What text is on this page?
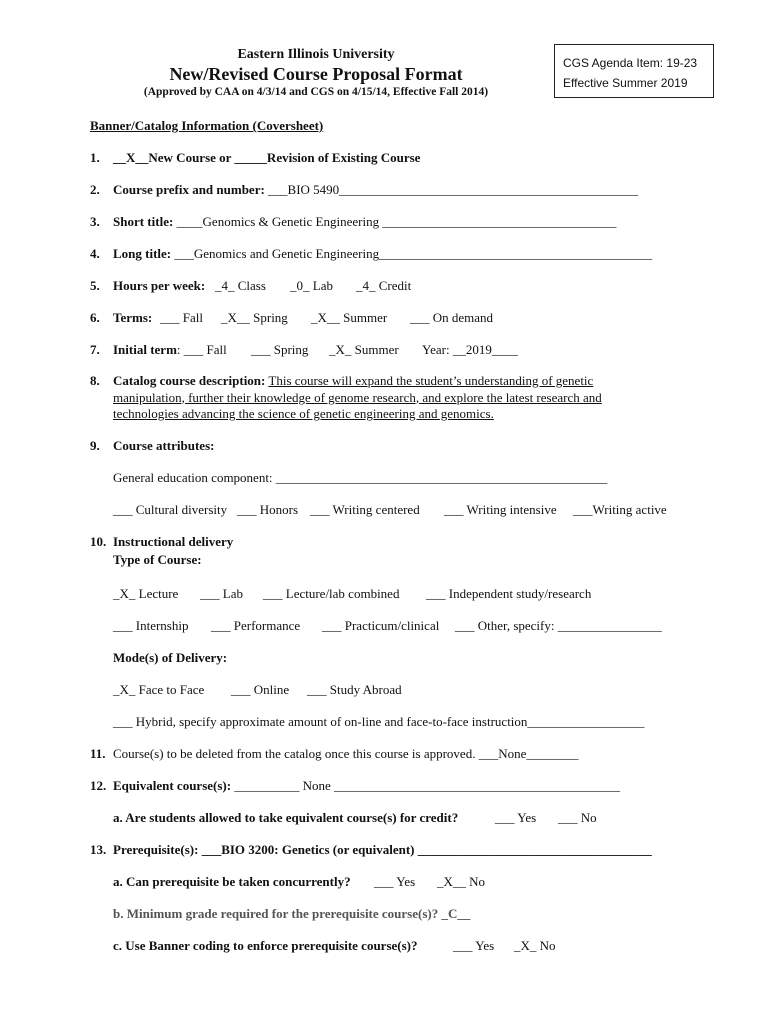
Eastern Illinois University
New/Revised Course Proposal Format
(Approved by CAA on 4/3/14 and CGS on 4/15/14, Effective Fall 2014)
CGS Agenda Item: 19-23
Effective Summer 2019
Banner/Catalog Information (Coversheet)
1. __X__New Course or _____Revision of Existing Course
2. Course prefix and number: ___BIO 5490______________________________________________
3. Short title: ____Genomics & Genetic Engineering ____________________________________
4. Long title: ___Genomics and Genetic Engineering__________________________________________
5. Hours per week: _4_ Class _0_ Lab _4_ Credit
6. Terms: ___ Fall _X__ Spring _X__ Summer ___ On demand
7. Initial term: ___ Fall ___ Spring _X_ Summer Year: __2019____
8.	Catalog course description: This course will expand the student’s understanding of genetic manipulation, further their knowledge of genome research, and explore the latest research and technologies advancing the science of genetic engineering and genomics.
9. Course attributes:
General education component: ___________________________________________________
___ Cultural diversity ___ Honors ___ Writing centered ___ Writing intensive ___Writing active
10. Instructional delivery
Type of Course:
_X_ Lecture ___ Lab ___ Lecture/lab combined ___ Independent study/research
___ Internship ___ Performance ___ Practicum/clinical ___ Other, specify: ________________
Mode(s) of Delivery:
_X_ Face to Face ___ Online ___ Study Abroad
___ Hybrid, specify approximate amount of on-line and face-to-face instruction__________________
11. Course(s) to be deleted from the catalog once this course is approved. ___None________
12. Equivalent course(s): __________ None ____________________________________________
a. Are students allowed to take equivalent course(s) for credit?	___ Yes ___ No
13. Prerequisite(s): ___BIO 3200: Genetics (or equivalent) ____________________________________
a. Can prerequisite be taken concurrently? ___ Yes _X__ No
b. Minimum grade required for the prerequisite course(s)? _C__
c. Use Banner coding to enforce prerequisite course(s)?	___ Yes _X_ No
